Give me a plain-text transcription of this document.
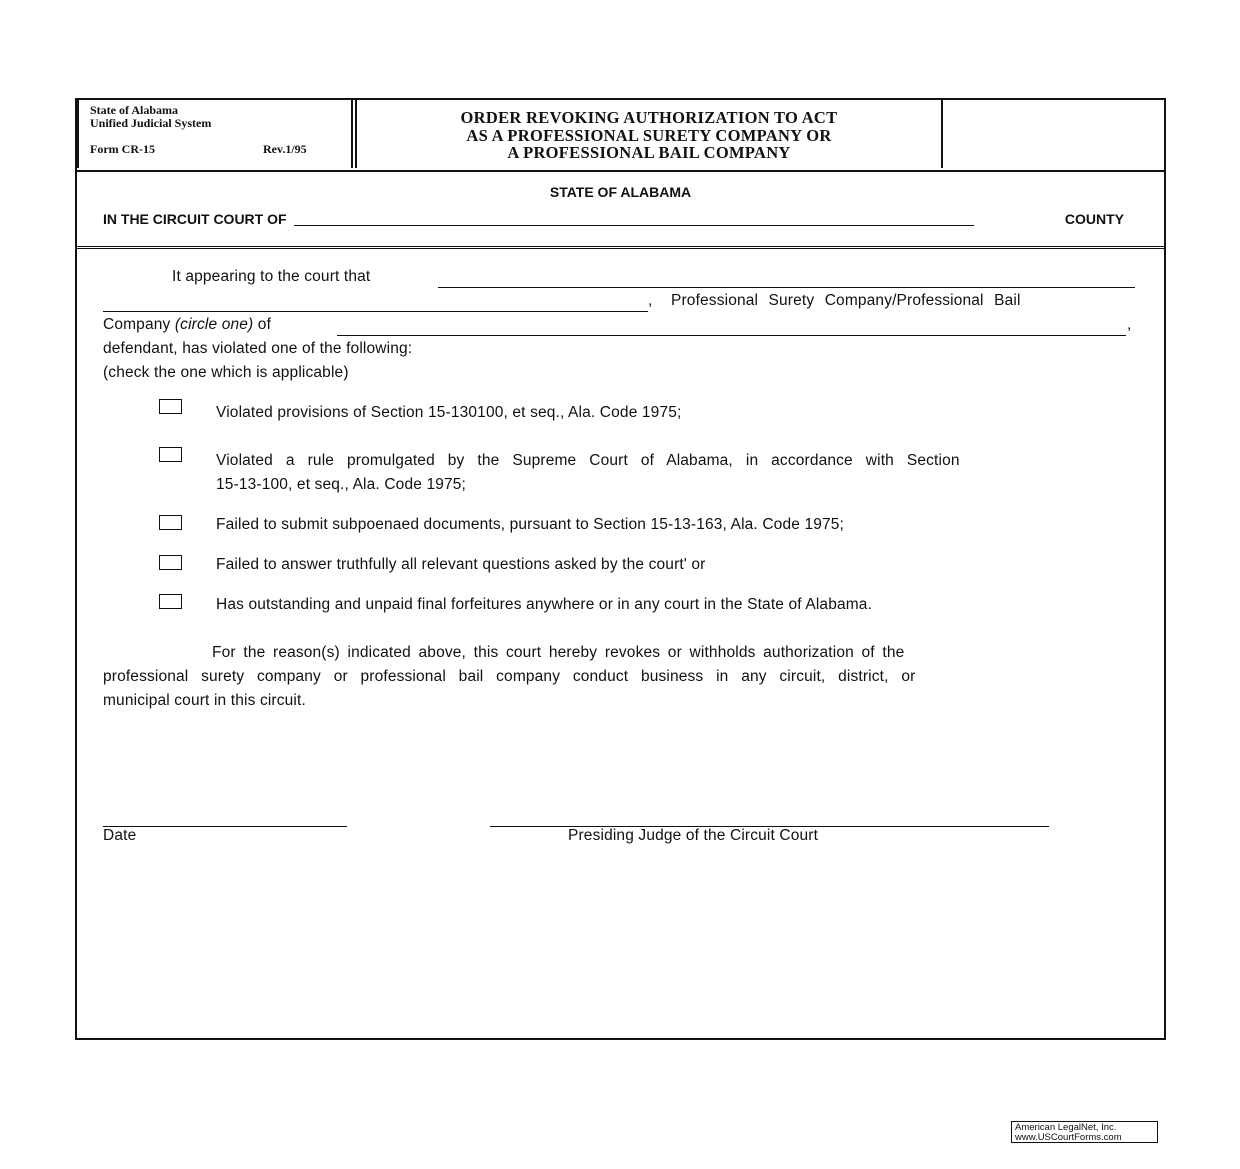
State of Alabama
Unified Judicial System
Form CR-15	Rev.1/95
ORDER REVOKING AUTHORIZATION TO ACT
AS A PROFESSIONAL SURETY COMPANY OR
A PROFESSIONAL BAIL COMPANY
STATE OF ALABAMA
IN THE CIRCUIT COURT OF	COUNTY
It appearing to the court that
, Professional Surety Company/Professional Bail
Company (circle one) of	,
defendant, has violated one of the following:
(check the one which is applicable)
Violated provisions of Section 15-130100, et seq., Ala. Code 1975;
Violated a rule promulgated by the Supreme Court of Alabama, in accordance with Section
15-13-100, et seq., Ala. Code 1975;
Failed to submit subpoenaed documents, pursuant to Section 15-13-163, Ala. Code 1975;
Failed to answer truthfully all relevant questions asked by the court' or
Has outstanding and unpaid final forfeitures anywhere or in any court in the State of Alabama.
For the reason(s) indicated above, this court hereby revokes or withholds authorization of the
professional surety company or professional bail company conduct business in any circuit, district, or
municipal court in this circuit.
Date	Presiding Judge of the Circuit Court
American LegalNet, Inc.
www.USCourtForms.com
